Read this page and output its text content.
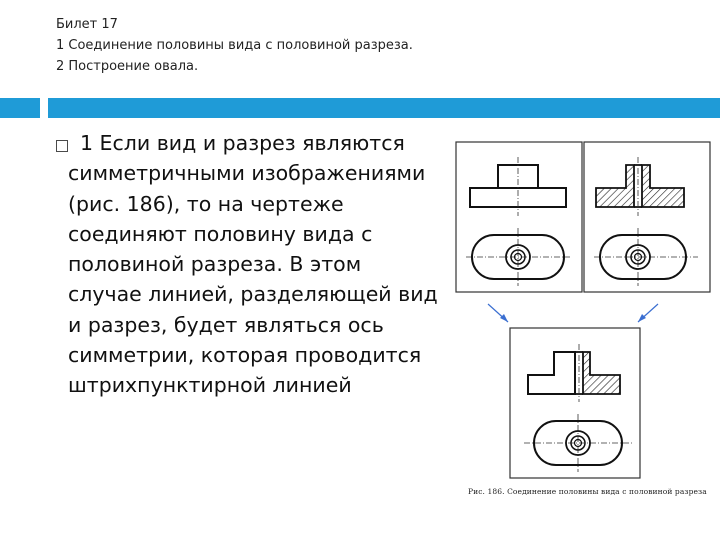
Билет 17
1 Соединение половины вида с половиной разреза.
2 Построение овала.
1 Если вид и разрез являются симметричными изображениями (рис. 186), то на чертеже соединяют половину вида с половиной разреза. В этом случае линией, разделяющей вид и разрез, будет являться ось симметрии, которая проводится штрихпунктирной линией
Рис. 186. Соединение половины вида с половиной разреза
